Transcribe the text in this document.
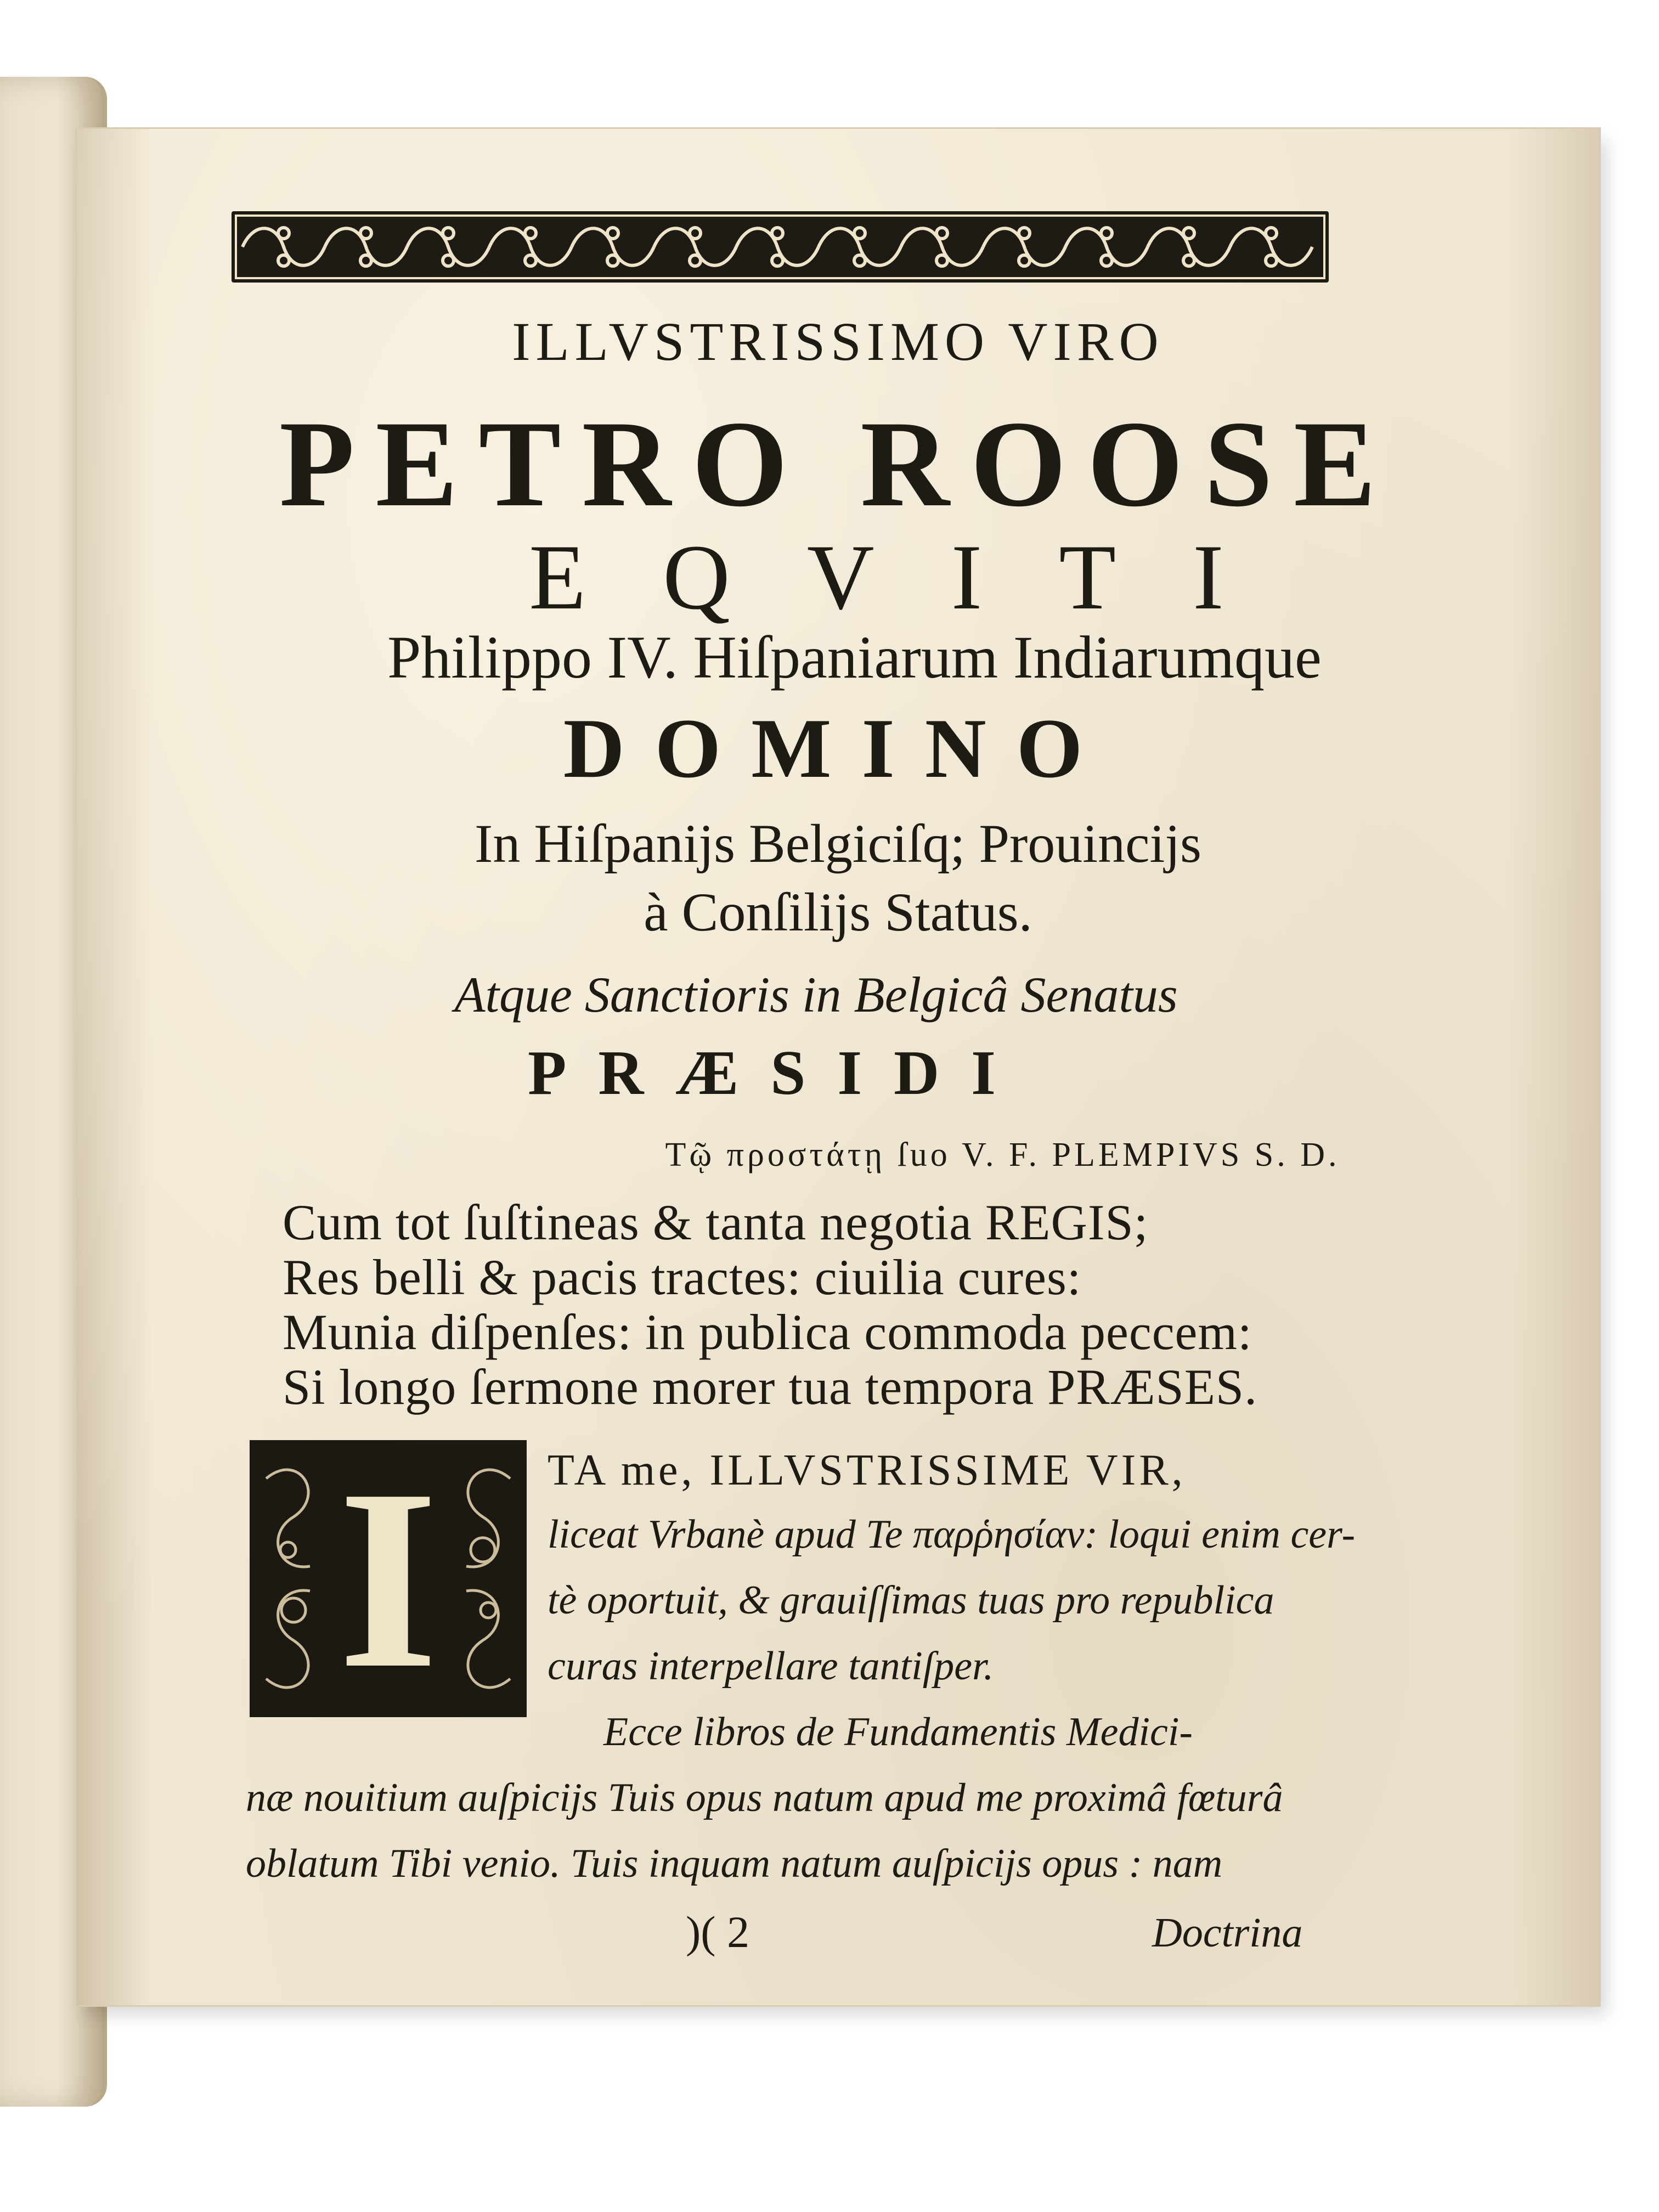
ILLVSTRISSIMO VIRO
PETRO ROOSE
EQVITI
Philippo IV. Hiſpaniarum Indiarumque
DOMINO
In Hiſpanijs Belgiciſq; Prouincijs
à Conſilijs Status.
Atque Sanctioris in Belgicâ Senatus
PRÆSIDI
Τῷ προστάτῃ ſuo V. F. PLEMPIVS S. D.
Cum tot ſuſtineas & tanta negotia REGIS;
Res belli & pacis tractes: ciuilia cures:
Munia diſpenſes: in publica commoda peccem:
Si longo ſermone morer tua tempora PRÆSES.
I	TA me, ILLVSTRISSIME VIR,
liceat Vrbanè apud Te παρῥησίαν: loqui enim cer-
tè oportuit, & grauiſſimas tuas pro republica
curas interpellare tantiſper.
Ecce libros de Fundamentis Medici-
næ nouitium auſpicijs Tuis opus natum apud me proximâ fœturâ
oblatum Tibi venio. Tuis inquam natum auſpicijs opus : nam
)( 2	Doctrina
